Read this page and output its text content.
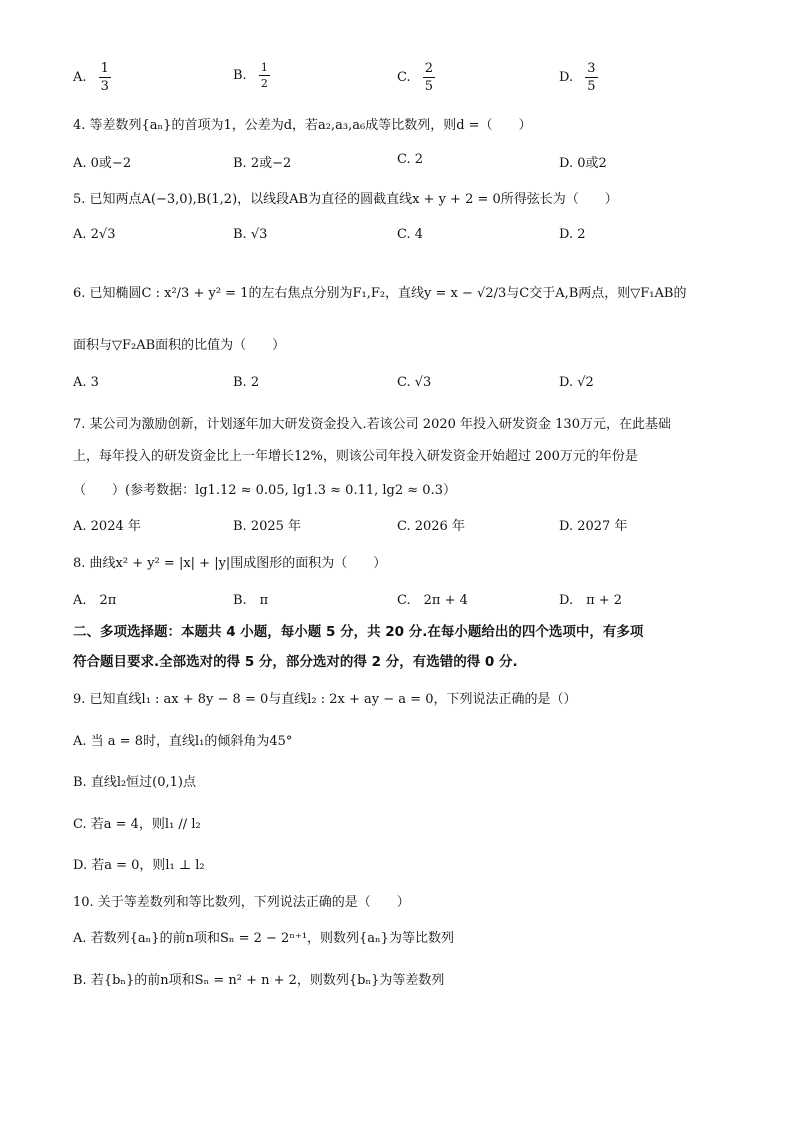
A. $\frac{1}{3}$	B. $\frac{1}{2}$	C. $\frac{2}{5}$	D. $\frac{3}{5}$
4. 等差数列{aₙ}的首项为1，公差为d，若a₂,a₃,a₆成等比数列，则d =（　　）
A. 0或−2	B. 2或−2	C. 2	D. 0或2
5. 已知两点A(−3,0),B(1,2)，以线段AB为直径的圆截直线x + y + 2 = 0所得弦长为（　　）
A. 2√3	B. √3	C. 4	D. 2
6. 已知椭圆C : x²/3 + y² = 1的左右焦点分别为F₁,F₂，直线y = x − √2/3与C交于A,B两点，则▽F₁AB的
面积与▽F₂AB面积的比值为（　　）
A. 3	B. 2	C. √3	D. √2
7. 某公司为激励创新，计划逐年加大研发资金投入.若该公司 2020 年投入研发资金 130万元，在此基础
上，每年投入的研发资金比上一年增长12%，则该公司年投入研发资金开始超过 200万元的年份是
（　　）(参考数据：lg1.12 ≈ 0.05, lg1.3 ≈ 0.11, lg2 ≈ 0.3）
A. 2024 年	B. 2025 年	C. 2026 年	D. 2027 年
8. 曲线x² + y² = |x| + |y|围成图形的面积为（　　）
A.　2π	B.　π	C.　2π + 4	D.　π + 2
二、多项选择题：本题共 4 小题，每小题 5 分，共 20 分.在每小题给出的四个选项中，有多项
符合题目要求.全部选对的得 5 分，部分选对的得 2 分，有选错的得 0 分.
9. 已知直线l₁ : ax + 8y − 8 = 0与直线l₂ : 2x + ay − a = 0，下列说法正确的是（）
A. 当 a = 8时，直线l₁的倾斜角为45°
B. 直线l₂恒过(0,1)点
C. 若a = 4，则l₁ // l₂
D. 若a = 0，则l₁ ⊥ l₂
10. 关于等差数列和等比数列，下列说法正确的是（　　）
A. 若数列{aₙ}的前n项和Sₙ = 2 − 2ⁿ⁺¹，则数列{aₙ}为等比数列
B. 若{bₙ}的前n项和Sₙ = n² + n + 2，则数列{bₙ}为等差数列
